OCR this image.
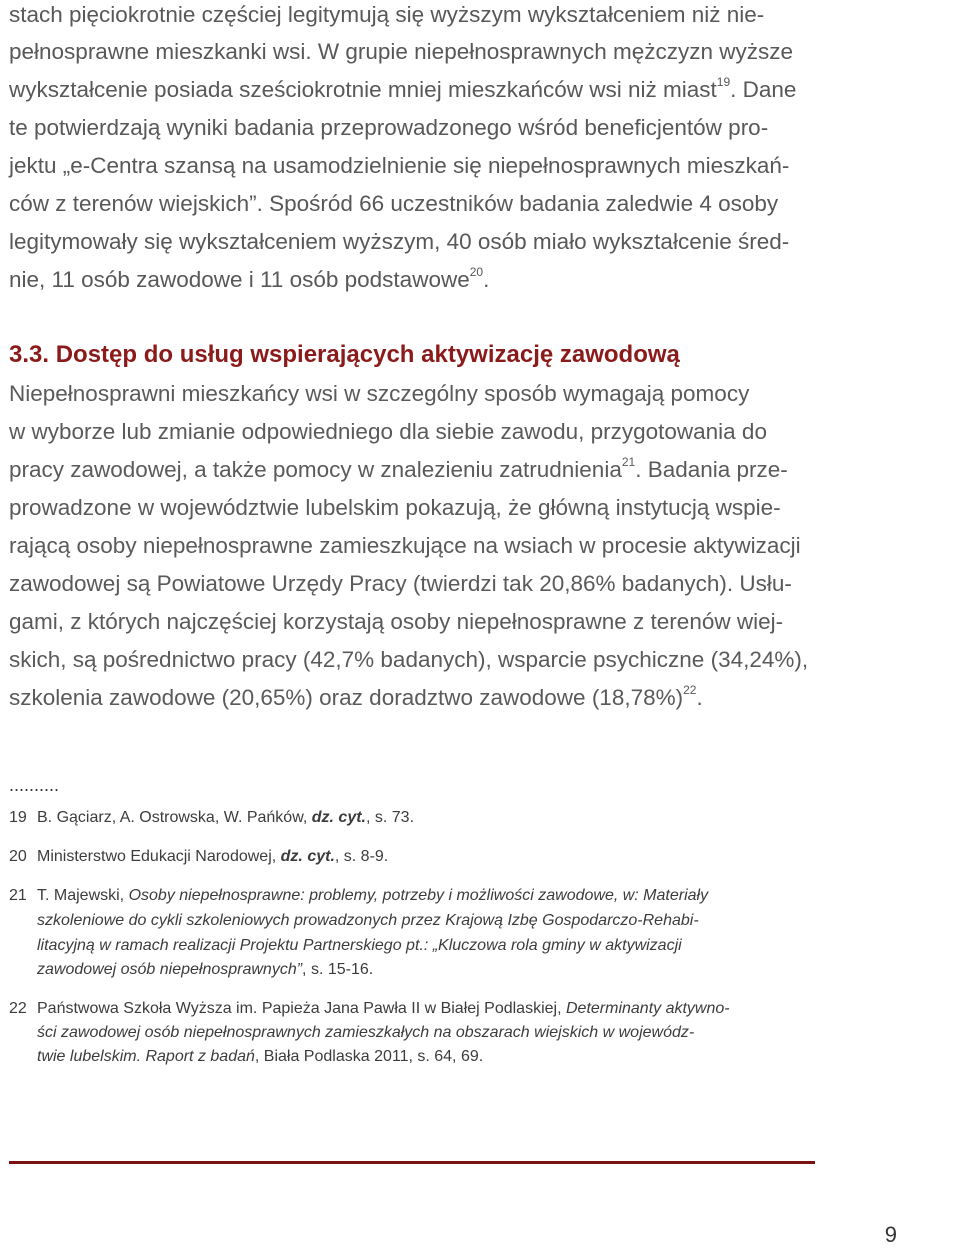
stach pięciokrotnie częściej legitymują się wyższym wykształceniem niż nie-
pełnosprawne mieszkanki wsi. W grupie niepełnosprawnych mężczyzn wyższe
wykształcenie posiada sześciokrotnie mniej mieszkańców wsi niż miast$^{19}$. Dane
te potwierdzają wyniki badania przeprowadzonego wśród beneficjentów pro-
jektu „e-Centra szansą na usamodzielnienie się niepełnosprawnych mieszkań-
ców z terenów wiejskich”. Spośród 66 uczestników badania zaledwie 4 osoby
legitymowały się wykształceniem wyższym, 40 osób miało wykształcenie śred-
nie, 11 osób zawodowe i 11 osób podstawowe$^{20}$.
3.3. Dostęp do usług wspierających aktywizację zawodową
Niepełnosprawni mieszkańcy wsi w szczególny sposób wymagają pomocy
w wyborze lub zmianie odpowiedniego dla siebie zawodu, przygotowania do
pracy zawodowej, a także pomocy w znalezieniu zatrudnienia$^{21}$. Badania prze-
prowadzone w województwie lubelskim pokazują, że główną instytucją wspie-
rającą osoby niepełnosprawne zamieszkujące na wsiach w procesie aktywizacji
zawodowej są Powiatowe Urzędy Pracy (twierdzi tak 20,86% badanych). Usłu-
gami, z których najczęściej korzystają osoby niepełnosprawne z terenów wiej-
skich, są pośrednictwo pracy (42,7% badanych), wsparcie psychiczne (34,24%),
szkolenia zawodowe (20,65%) oraz doradztwo zawodowe $(18,78\%)^{22}$.
..........
19 B. Gąciarz, A. Ostrowska, W. Pańków, dz. cyt., s. 73.
20 Ministerstwo Edukacji Narodowej, dz. cyt., s. 8-9.
21 T. Majewski, Osoby niepełnosprawne: problemy, potrzeby i możliwości zawodowe, w: Materiały
szkoleniowe do cykli szkoleniowych prowadzonych przez Krajową Izbę Gospodarczo-Rehabi-
litacyjną w ramach realizacji Projektu Partnerskiego pt.: „Kluczowa rola gminy w aktywizacji
zawodowej osób niepełnosprawnych”, s. 15-16.
22 Państwowa Szkoła Wyższa im. Papieża Jana Pawła II w Białej Podlaskiej, Determinanty aktywno-
ści zawodowej osób niepełnosprawnych zamieszkałych na obszarach wiejskich w wojewódz-
twie lubelskim. Raport z badań, Biała Podlaska 2011, s. 64, 69.
9
